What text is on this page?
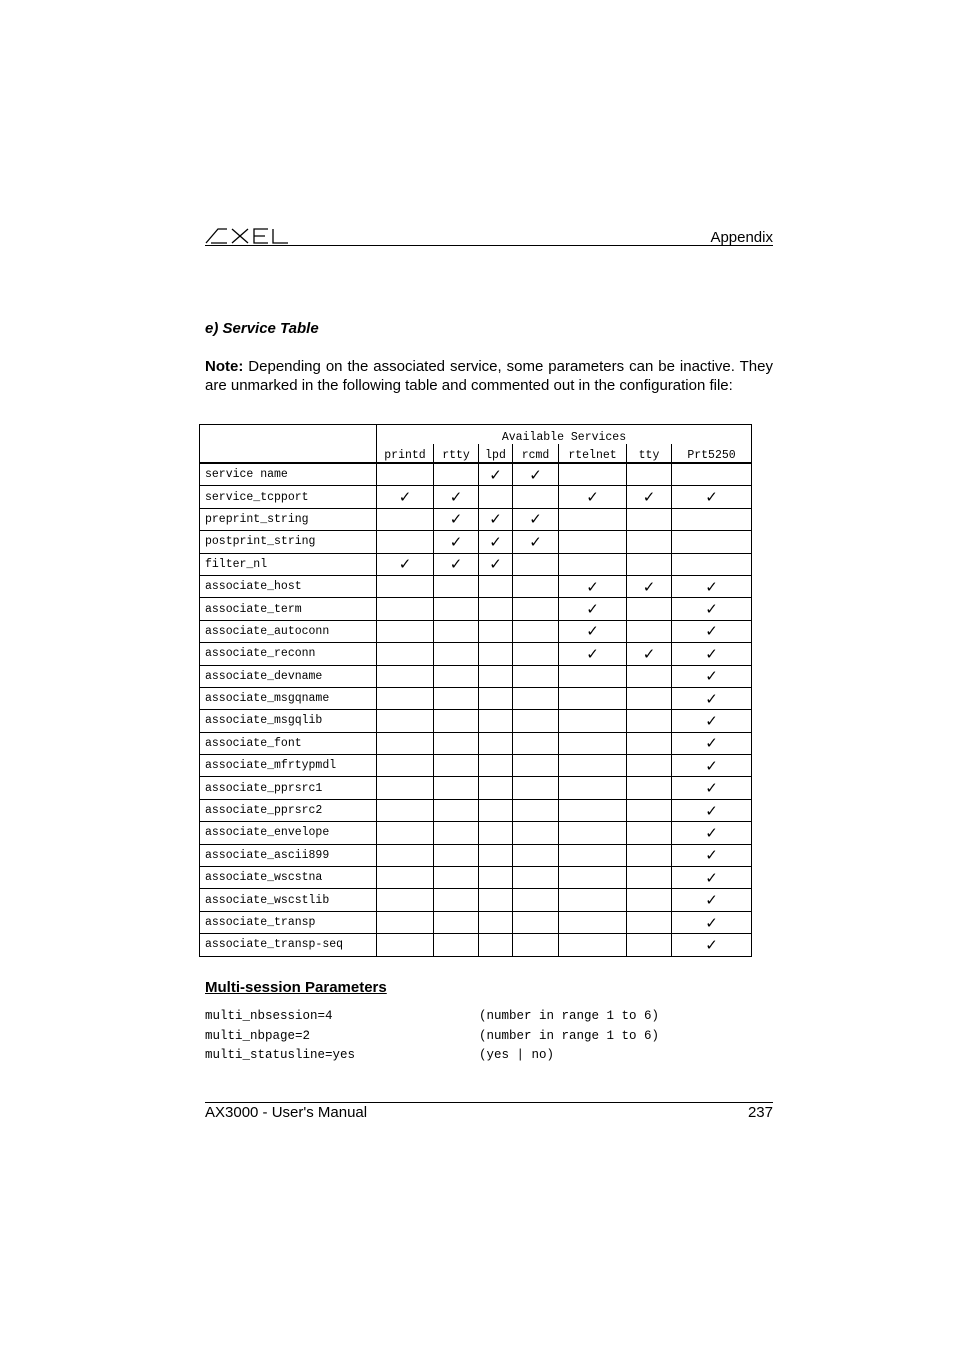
Appendix
e) Service Table
Note: Depending on the associated service, some parameters can be inactive. They are unmarked in the following table and commented out in the configuration file:
	Available Services						
	printd	rtty	lpd	rcmd	rtelnet	tty	Prt5250
service name			✓	✓			
service_tcpport	✓	✓			✓	✓	✓
preprint_string		✓	✓	✓			
postprint_string		✓	✓	✓			
filter_nl	✓	✓	✓				
associate_host					✓	✓	✓
associate_term					✓		✓
associate_autoconn					✓		✓
associate_reconn					✓	✓	✓
associate_devname							✓
associate_msgqname							✓
associate_msgqlib							✓
associate_font							✓
associate_mfrtypmdl							✓
associate_pprsrc1							✓
associate_pprsrc2							✓
associate_envelope							✓
associate_ascii899							✓
associate_wscstna							✓
associate_wscstlib							✓
associate_transp							✓
associate_transp-seq							✓
Multi-session Parameters
multi_nbsession=4	(number in range 1 to 6)
multi_nbpage=2	(number in range 1 to 6)
multi_statusline=yes	(yes | no)
AX3000 - User's Manual	237
